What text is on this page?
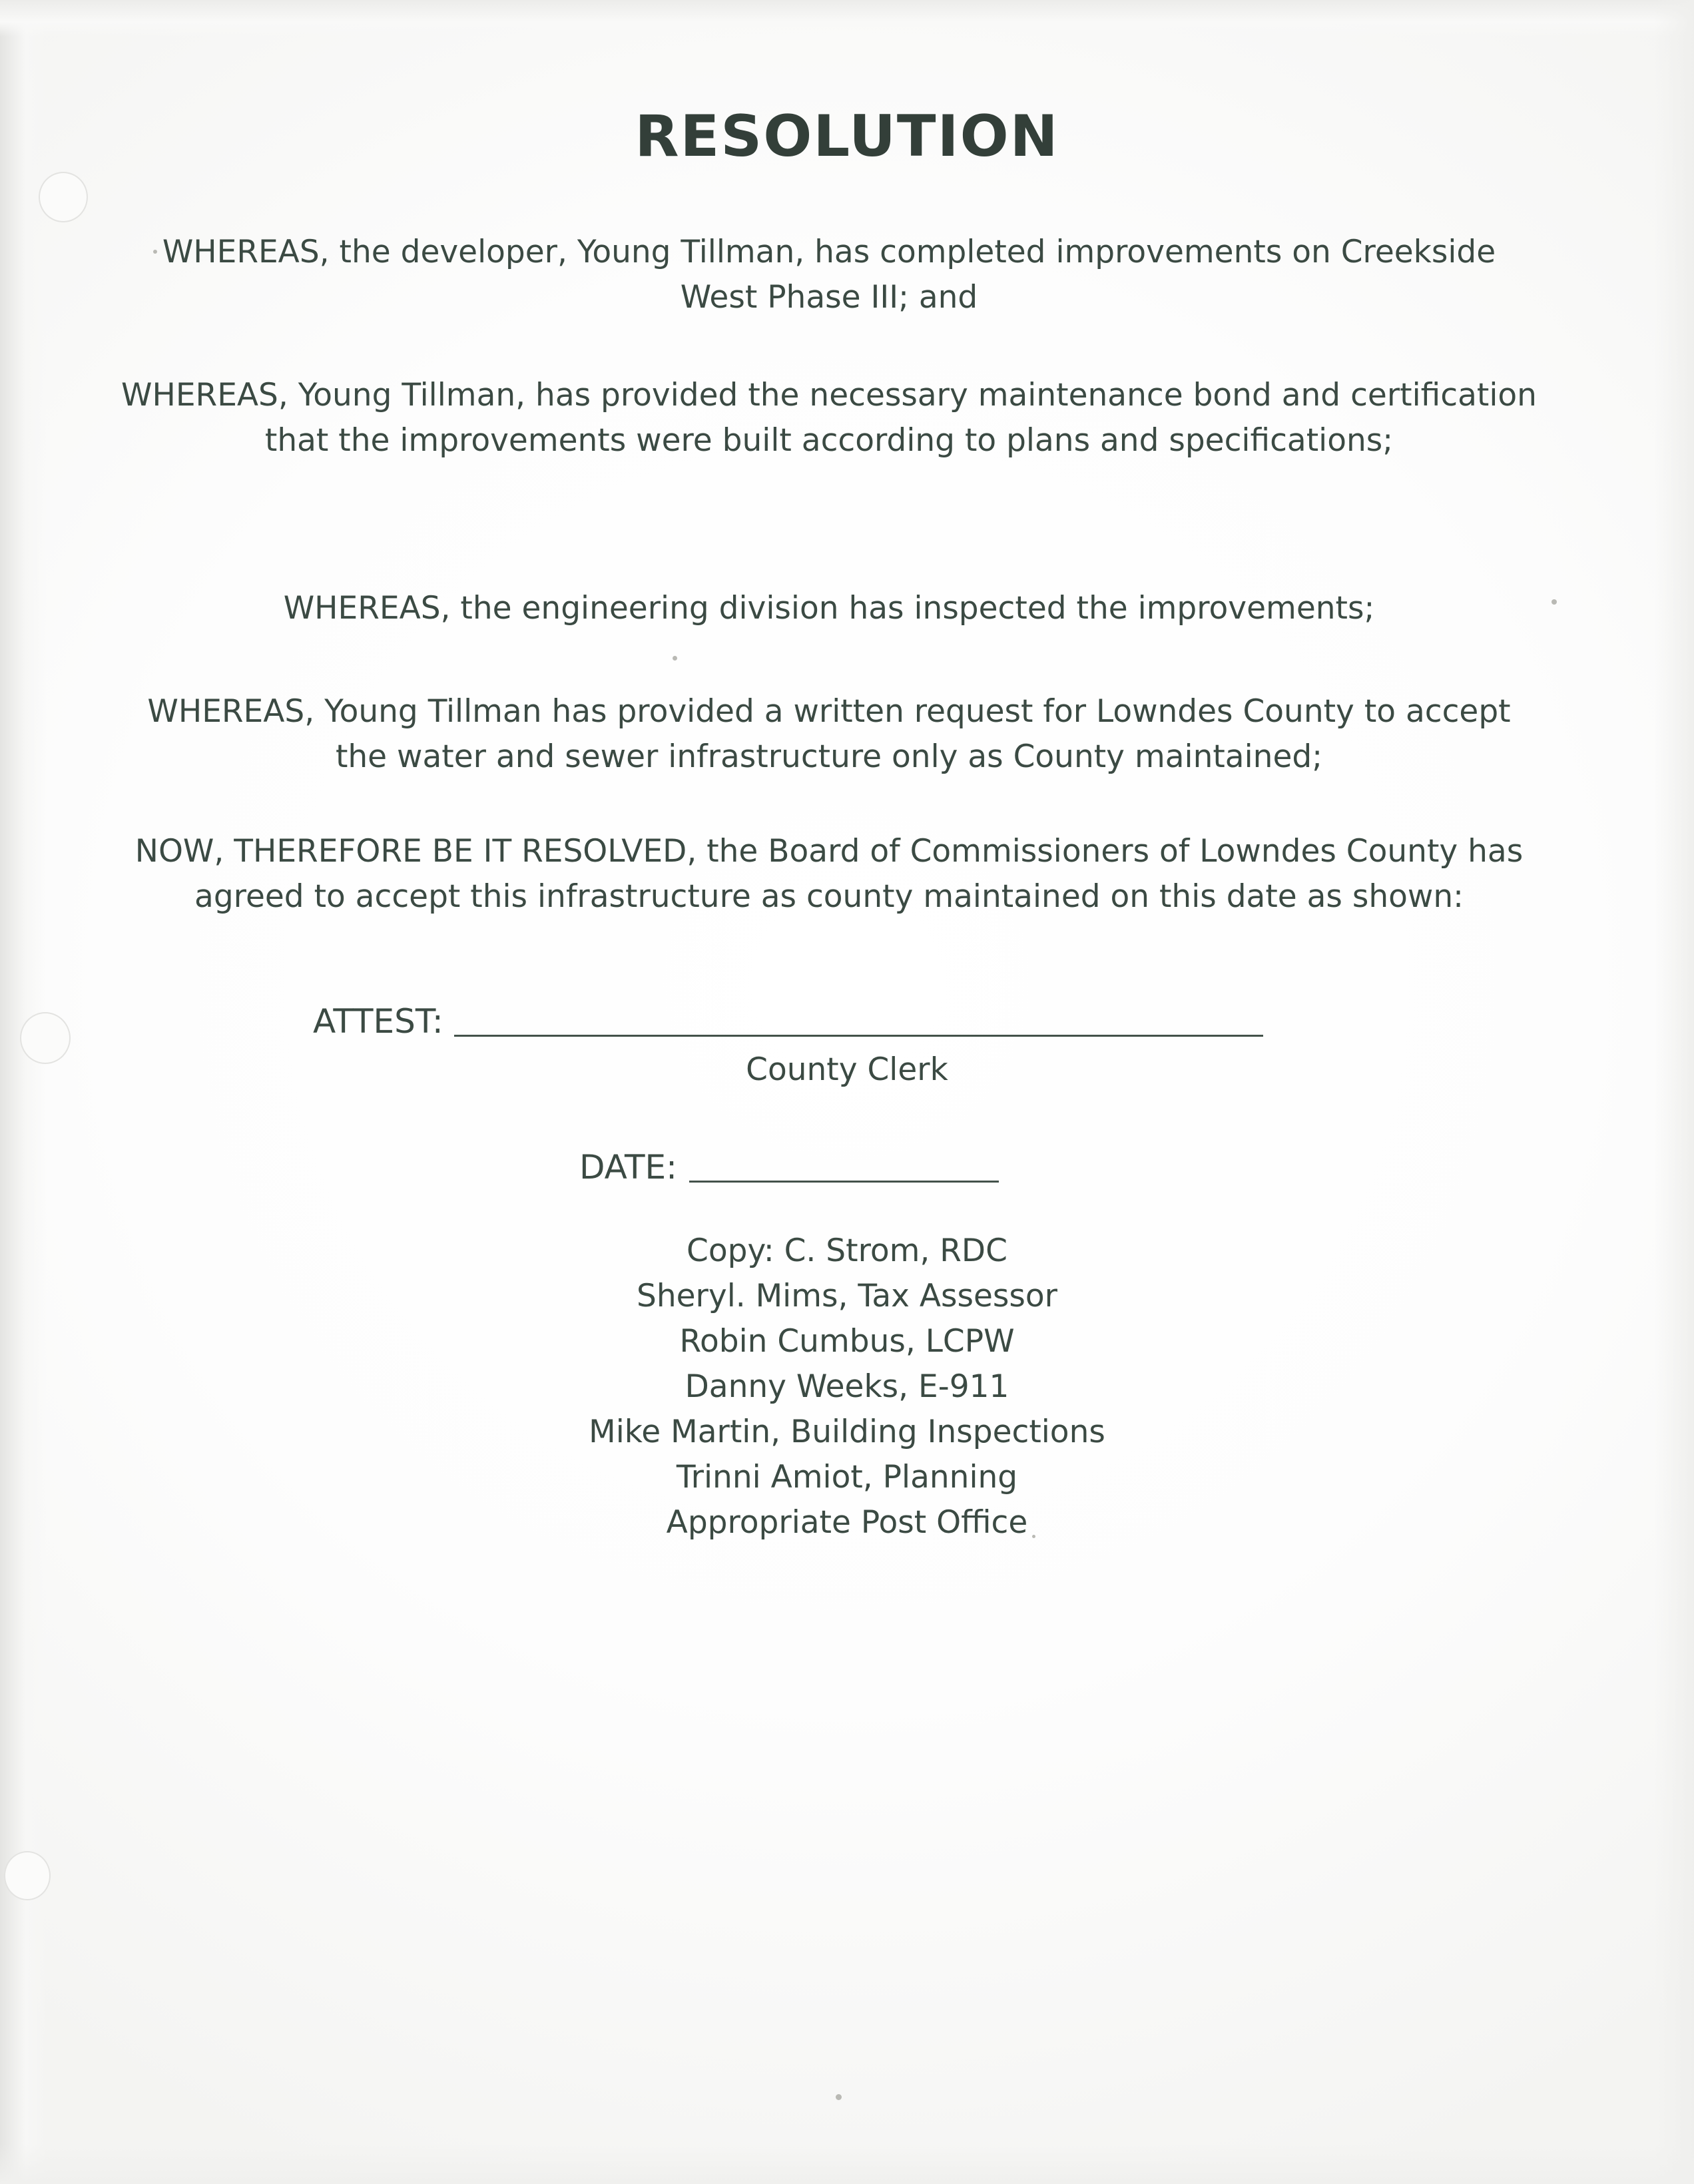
RESOLUTION
WHEREAS, the developer, Young Tillman, has completed improvements on Creekside West Phase III; and
WHEREAS, Young Tillman, has provided the necessary maintenance bond and certification that the improvements were built according to plans and specifications;
WHEREAS, the engineering division has inspected the improvements;
WHEREAS, Young Tillman has provided a written request for Lowndes County to accept the water and sewer infrastructure only as County maintained;
NOW, THEREFORE BE IT RESOLVED, the Board of Commissioners of Lowndes County has agreed to accept this infrastructure as county maintained on this date as shown:
ATTEST:
County Clerk
DATE:
Copy: C. Strom, RDC
Sheryl. Mims, Tax Assessor
Robin Cumbus, LCPW
Danny Weeks, E-911
Mike Martin, Building Inspections
Trinni Amiot, Planning
Appropriate Post Office
